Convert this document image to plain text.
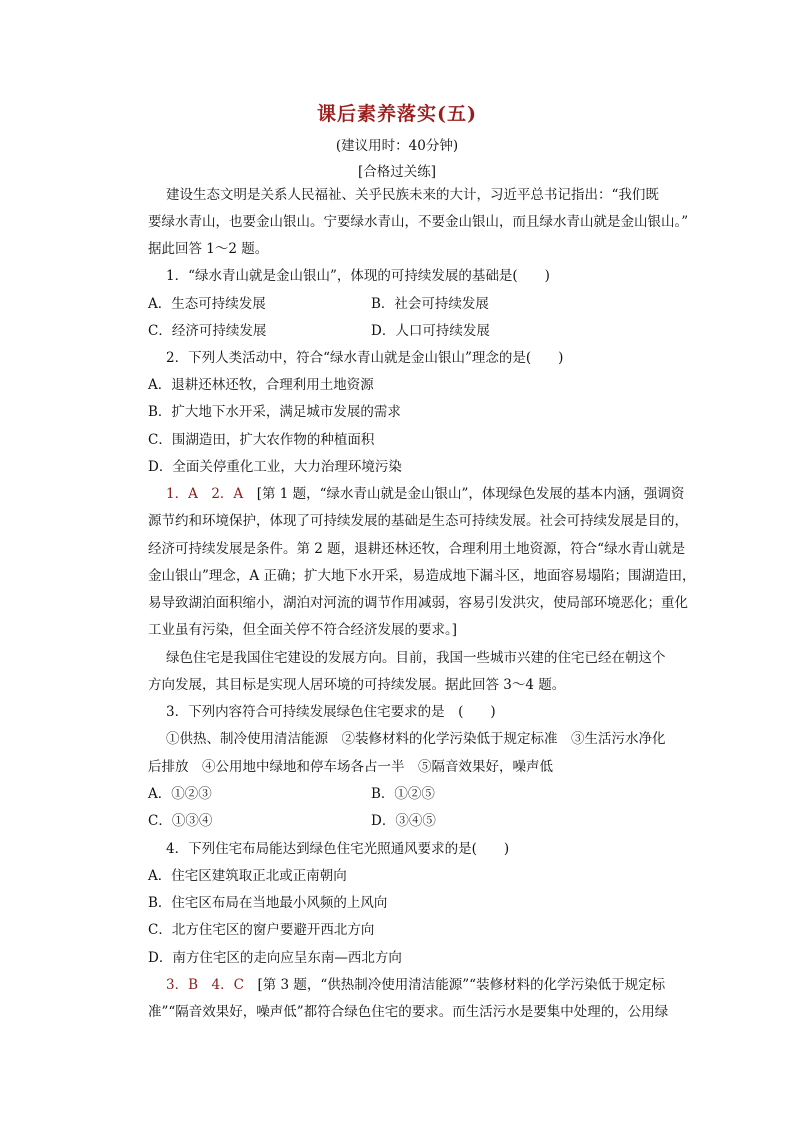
课后素养落实(五)
(建议用时：40分钟)
[合格过关练]
建设生态文明是关系人民福祉、关乎民族未来的大计，习近平总书记指出：“我们既
要绿水青山，也要金山银山。宁要绿水青山，不要金山银山，而且绿水青山就是金山银山。”
据此回答 1～2 题。
1．“绿水青山就是金山银山”，体现的可持续发展的基础是(　　)
A．生态可持续发展	B．社会可持续发展
C．经济可持续发展	D．人口可持续发展
2．下列人类活动中，符合“绿水青山就是金山银山”理念的是(　　)
A．退耕还林还牧，合理利用土地资源
B．扩大地下水开采，满足城市发展的需求
C．围湖造田，扩大农作物的种植面积
D．全面关停重化工业，大力治理环境污染
1．A　2．A　 [第 1 题，“绿水青山就是金山银山”，体现绿色发展的基本内涵，强调资
源节约和环境保护，体现了可持续发展的基础是生态可持续发展。社会可持续发展是目的，
经济可持续发展是条件。第 2 题，退耕还林还牧，合理利用土地资源，符合“绿水青山就是
金山银山”理念，A 正确；扩大地下水开采，易造成地下漏斗区，地面容易塌陷；围湖造田，
易导致湖泊面积缩小，湖泊对河流的调节作用减弱，容易引发洪灾，使局部环境恶化；重化
工业虽有污染，但全面关停不符合经济发展的要求。]
绿色住宅是我国住宅建设的发展方向。目前，我国一些城市兴建的住宅已经在朝这个
方向发展，其目标是实现人居环境的可持续发展。据此回答 3～4 题。
3．下列内容符合可持续发展绿色住宅要求的是　(　　)
①供热、制冷使用清洁能源　②装修材料的化学污染低于规定标准　③生活污水净化
后排放　④公用地中绿地和停车场各占一半　⑤隔音效果好，噪声低
A．①②③	B．①②⑤
C．①③④	D．③④⑤
4．下列住宅布局能达到绿色住宅光照通风要求的是(　　)
A．住宅区建筑取正北或正南朝向
B．住宅区布局在当地最小风频的上风向
C．北方住宅区的窗户要避开西北方向
D．南方住宅区的走向应呈东南—西北方向
3．B　4．C　 [第 3 题，“供热制冷使用清洁能源”“装修材料的化学污染低于规定标
准”“隔音效果好，噪声低”都符合绿色住宅的要求。而生活污水是要集中处理的，公用绿
